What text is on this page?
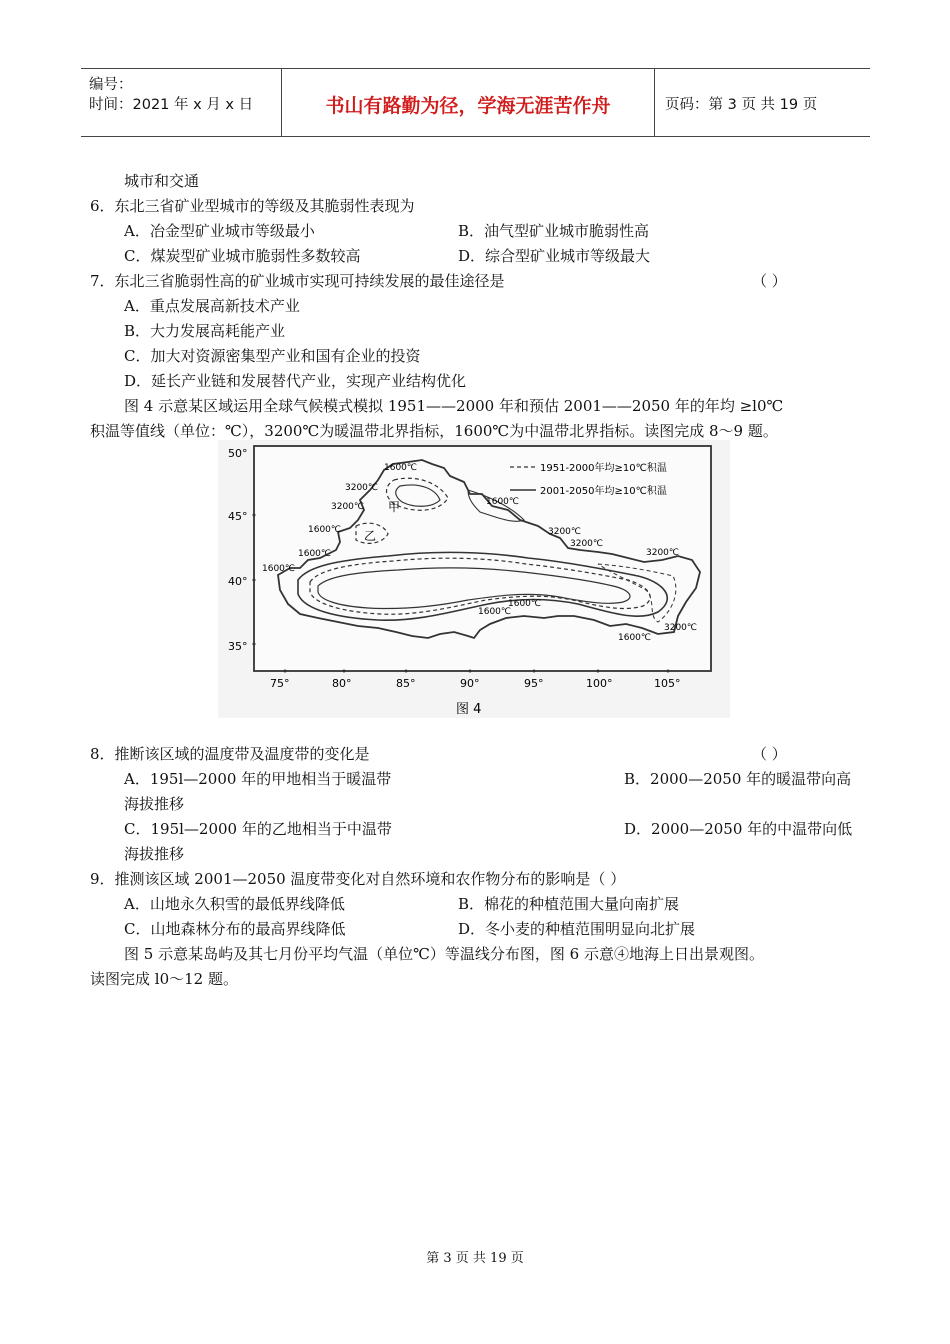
编号：
时间：2021 年 x 月 x 日	书山有路勤为径，学海无涯苦作舟	页码：第 3 页 共 19 页
城市和交通
6．东北三省矿业型城市的等级及其脆弱性表现为
A．冶金型矿业城市等级最小	B．油气型矿业城市脆弱性高
C．煤炭型矿业城市脆弱性多数较高	D．综合型矿业城市等级最大
7．东北三省脆弱性高的矿业城市实现可持续发展的最佳途径是	（ ）
A．重点发展高新技术产业
B．大力发展高耗能产业
C．加大对资源密集型产业和国有企业的投资
D．延长产业链和发展替代产业，实现产业结构优化
图 4 示意某区域运用全球气候模式模拟 1951——2000 年和预估 2001——2050 年的年均 ≥l0℃
积温等值线（单位：℃），3200℃为暖温带北界指标，1600℃为中温带北界指标。读图完成 8～9 题。
50°
45°
40°
35°
75°	80°	85°	90°	95°	100°	105°
1951-2000年均≥10℃积温
2001-2050年均≥10℃积温
1600℃
3200℃
3200℃
1600℃
1600℃
1600℃
1600℃
3200℃
3200℃
3200℃
1600℃
1600℃
3200℃
1600℃
甲
乙
图 4
8．推断该区域的温度带及温度带的变化是	（ ）
A．195l—2000 年的甲地相当于暖温带	B．2000—2050 年的暖温带向高
海拔推移
C．195l—2000 年的乙地相当于中温带	D．2000—2050 年的中温带向低
海拔推移
9．推测该区域 2001—2050 温度带变化对自然环境和农作物分布的影响是（ ）
A．山地永久积雪的最低界线降低	B．棉花的种植范围大量向南扩展
C．山地森林分布的最高界线降低	D．冬小麦的种植范围明显向北扩展
图 5 示意某岛屿及其七月份平均气温（单位℃）等温线分布图，图 6 示意④地海上日出景观图。
读图完成 l0～12 题。
第 3 页 共 19 页
